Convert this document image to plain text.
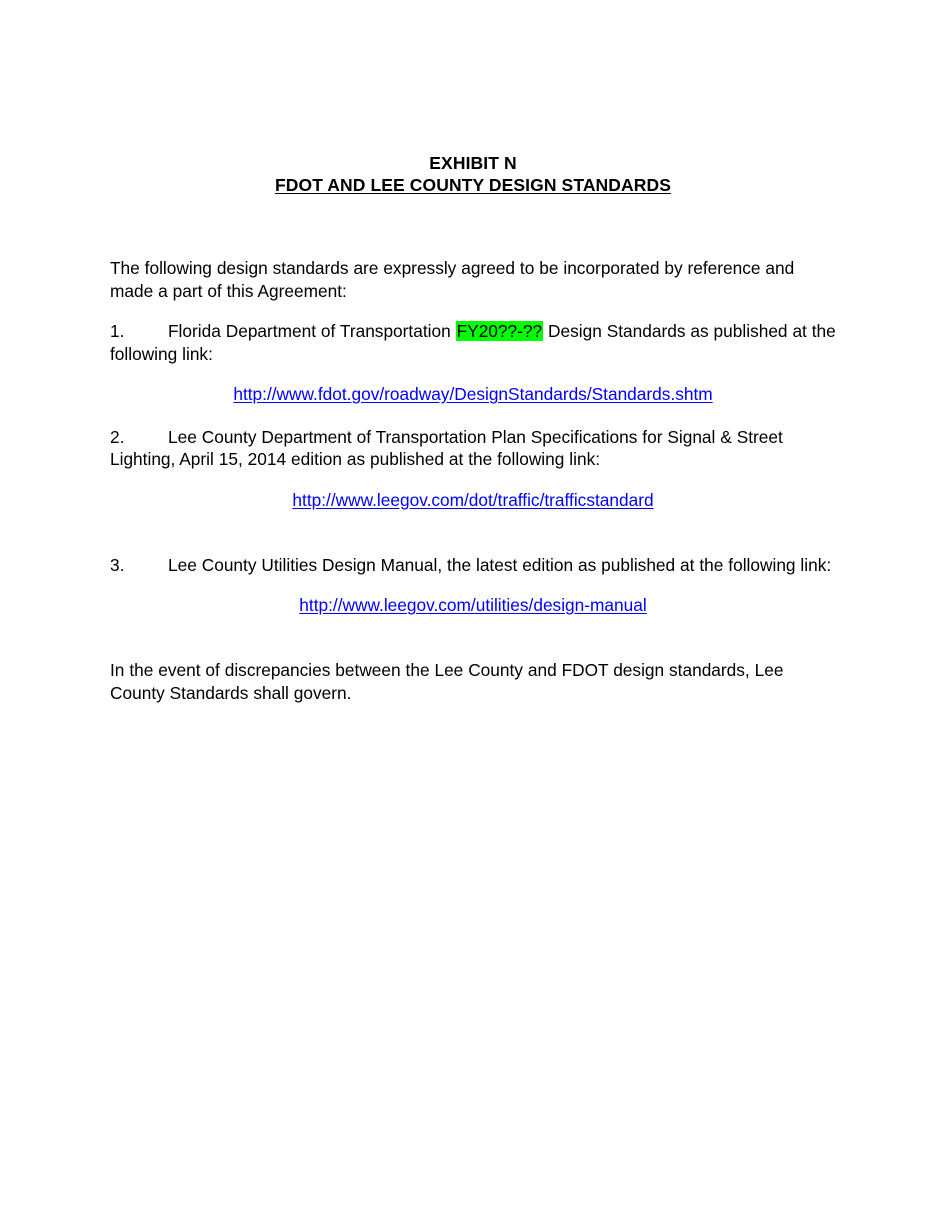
EXHIBIT N
FDOT AND LEE COUNTY DESIGN STANDARDS

The following design standards are expressly agreed to be incorporated by reference and made a part of this Agreement:

1.	Florida Department of Transportation FY20??-?? Design Standards as published at the following link:

http://www.fdot.gov/roadway/DesignStandards/Standards.shtm

2.	Lee County Department of Transportation Plan Specifications for Signal & Street Lighting, April 15, 2014 edition as published at the following link:

http://www.leegov.com/dot/traffic/trafficstandard

3.	Lee County Utilities Design Manual, the latest edition as published at the following link:

http://www.leegov.com/utilities/design-manual

In the event of discrepancies between the Lee County and FDOT design standards, Lee County Standards shall govern.
